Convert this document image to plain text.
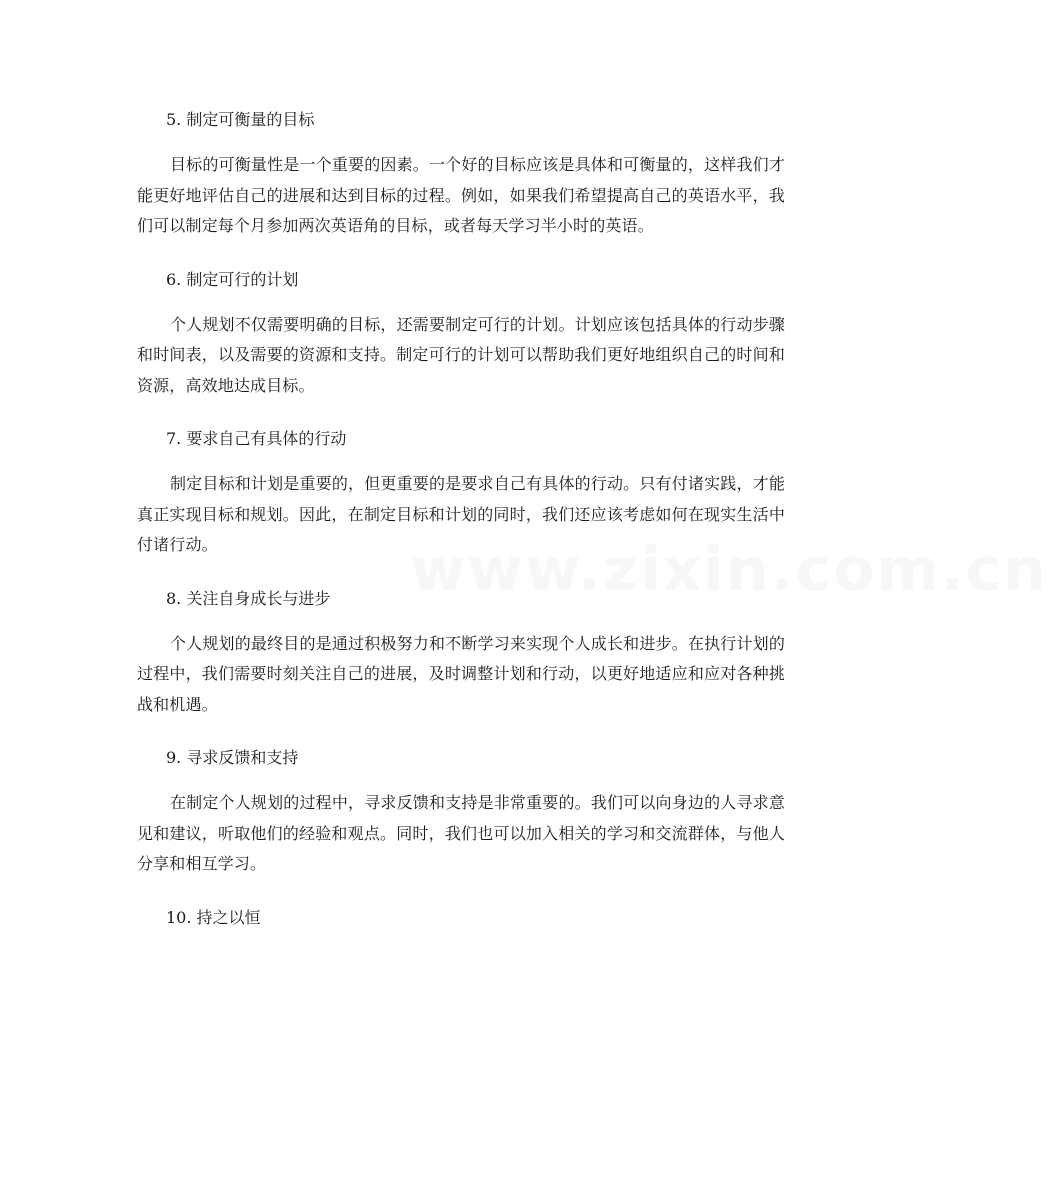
www.zixin.com.cn
5. 制定可衡量的目标

目标的可衡量性是一个重要的因素。一个好的目标应该是具体和可衡量的，这样我们才能更好地评估自己的进展和达到目标的过程。例如，如果我们希望提高自己的英语水平，我们可以制定每个月参加两次英语角的目标，或者每天学习半小时的英语。

6. 制定可行的计划

个人规划不仅需要明确的目标，还需要制定可行的计划。计划应该包括具体的行动步骤和时间表，以及需要的资源和支持。制定可行的计划可以帮助我们更好地组织自己的时间和资源，高效地达成目标。

7. 要求自己有具体的行动

制定目标和计划是重要的，但更重要的是要求自己有具体的行动。只有付诸实践，才能真正实现目标和规划。因此，在制定目标和计划的同时，我们还应该考虑如何在现实生活中付诸行动。

8. 关注自身成长与进步

个人规划的最终目的是通过积极努力和不断学习来实现个人成长和进步。在执行计划的过程中，我们需要时刻关注自己的进展，及时调整计划和行动，以更好地适应和应对各种挑战和机遇。

9. 寻求反馈和支持

在制定个人规划的过程中，寻求反馈和支持是非常重要的。我们可以向身边的人寻求意见和建议，听取他们的经验和观点。同时，我们也可以加入相关的学习和交流群体，与他人分享和相互学习。

10. 持之以恒
